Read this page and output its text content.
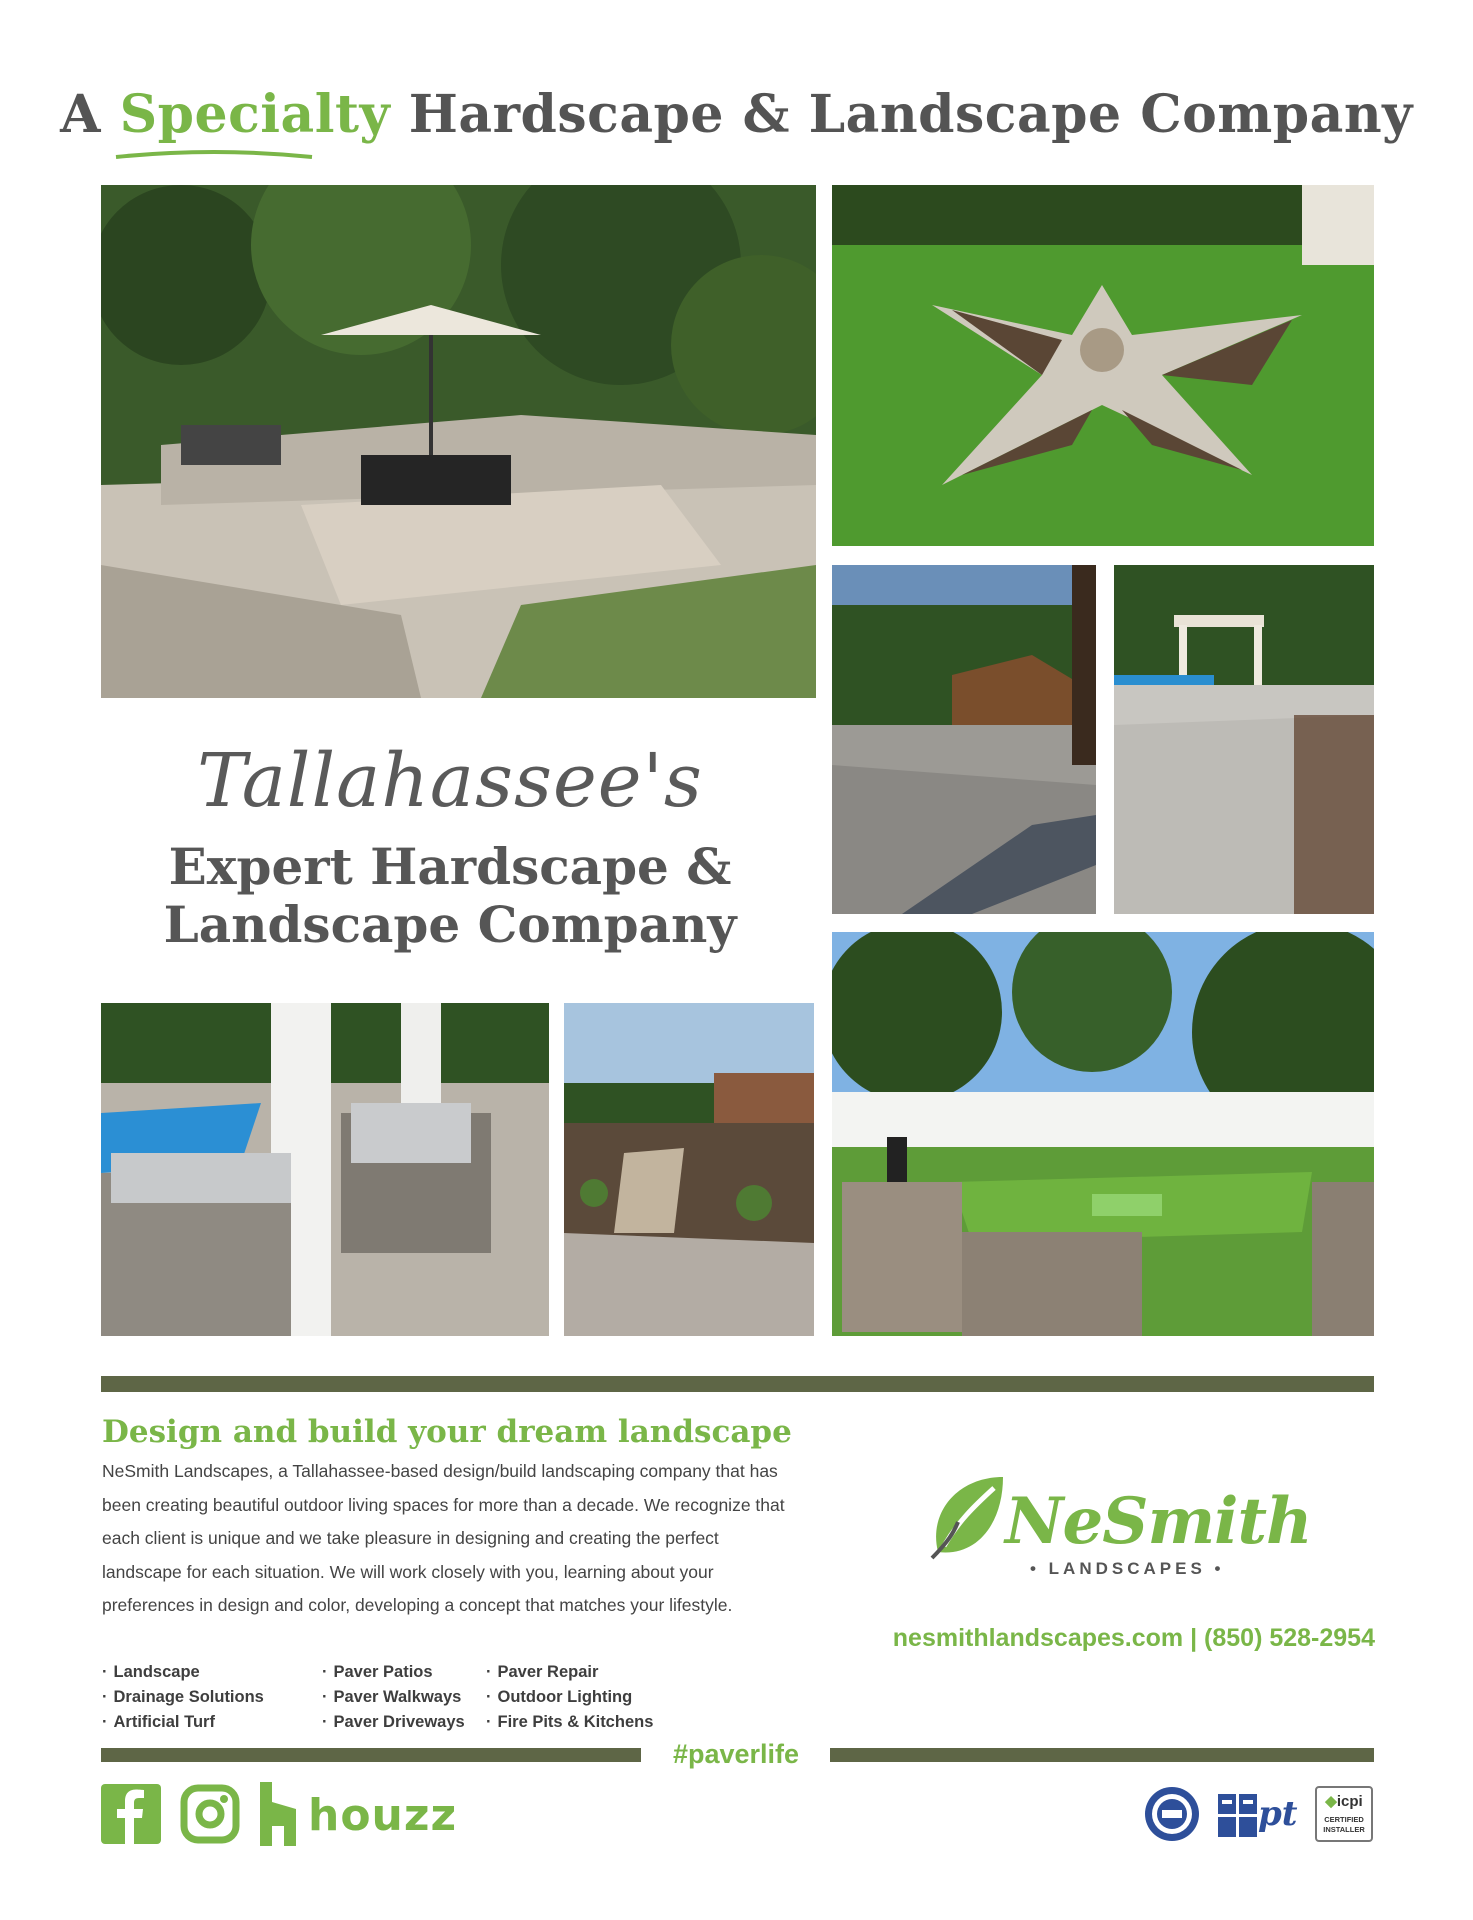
A Specialty Hardscape & Landscape Company
Tallahassee's
Expert Hardscape &
Landscape Company
Design and build your dream landscape
NeSmith Landscapes, a Tallahassee-based design/build landscaping company that has been creating beautiful outdoor living spaces for more than a decade. We recognize that each client is unique and we take pleasure in designing and creating the perfect landscape for each situation. We will work closely with you, learning about your preferences in design and color, developing a concept that matches your lifestyle.
· Landscape
· Drainage Solutions
· Artificial Turf
· Paver Patios
· Paver Walkways
· Paver Driveways
· Paver Repair
· Outdoor Lighting
· Fire Pits & Kitchens
NeSmith
• LANDSCAPES •
nesmithlandscapes.com | (850) 528-2954
#paverlife
houzz	pt	◆icpi
CERTIFIED
INSTALLER
